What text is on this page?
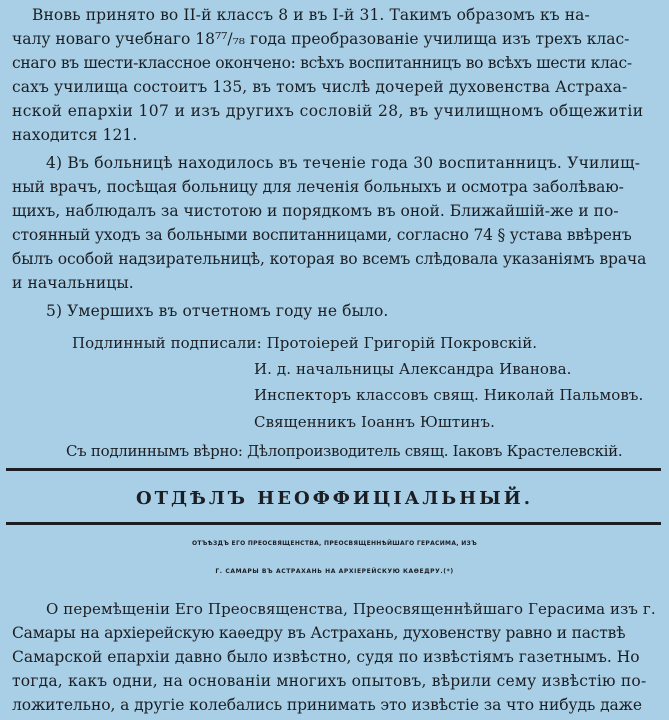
Вновь принято во II-й классъ 8 и въ I-й 31. Такимъ образомъ къ на-
чалу новаго учебнаго 18⁷⁷/₇₈ года преобразованіе училища изъ трехъ клас-
снаго въ шести-классное окончено: всѣхъ воспитанницъ во всѣхъ шести клас-
сахъ училища состоитъ 135, въ томъ числѣ дочерей духовенства Астраха-
нской епархіи 107 и изъ другихъ сословій 28, въ училищномъ общежитіи
находится 121.
4) Въ больницѣ находилось въ теченіе года 30 воспитанницъ. Училищ-
ный врачъ, посѣщая больницу для леченія больныхъ и осмотра заболѣваю-
щихъ, наблюдалъ за чистотою и порядкомъ въ оной. Ближайшій-же и по-
стоянный уходъ за больными воспитанницами, согласно 74 § устава ввѣренъ
былъ особой надзирательницѣ, которая во всемъ слѣдовала указаніямъ врача
и начальницы.
5) Умершихъ въ отчетномъ году не было.
Подлинный подписали: Протоіерей Григорій Покровскій.
И. д. начальницы Александра Иванова.
Инспекторъ классовъ свящ. Николай Пальмовъ.
Священникъ Іоаннъ Юштинъ.
Съ подлиннымъ вѣрно: Дѣлопроизводитель свящ. Іаковъ Крастелевскій.
ОТДѢЛЪ НЕОФФИЦІАЛЬНЫЙ.
ОТЪѢЗДЪ ЕГО ПРЕОСВЯЩЕНСТВА, ПРЕОСВЯЩЕННѢЙШАГО ГЕРАСИМА, ИЗЪ
Г. САМАРЫ ВЪ АСТРАХАНЬ НА АРХІЕРЕЙСКУЮ КАѲЕДРУ.(*)
О перемѣщеніи Его Преосвященства, Преосвященнѣйшаго Герасима изъ г.
Самары на архіерейскую каѳедру въ Астрахань, духовенству равно и паствѣ
Самарской епархіи давно было извѣстно, судя по извѣстіямъ газетнымъ. Но
тогда, какъ одни, на основаніи многихъ опытовъ, вѣрили сему извѣстію по-
ложительно, а другіе колебались принимать это извѣстіе за что нибудь даже
